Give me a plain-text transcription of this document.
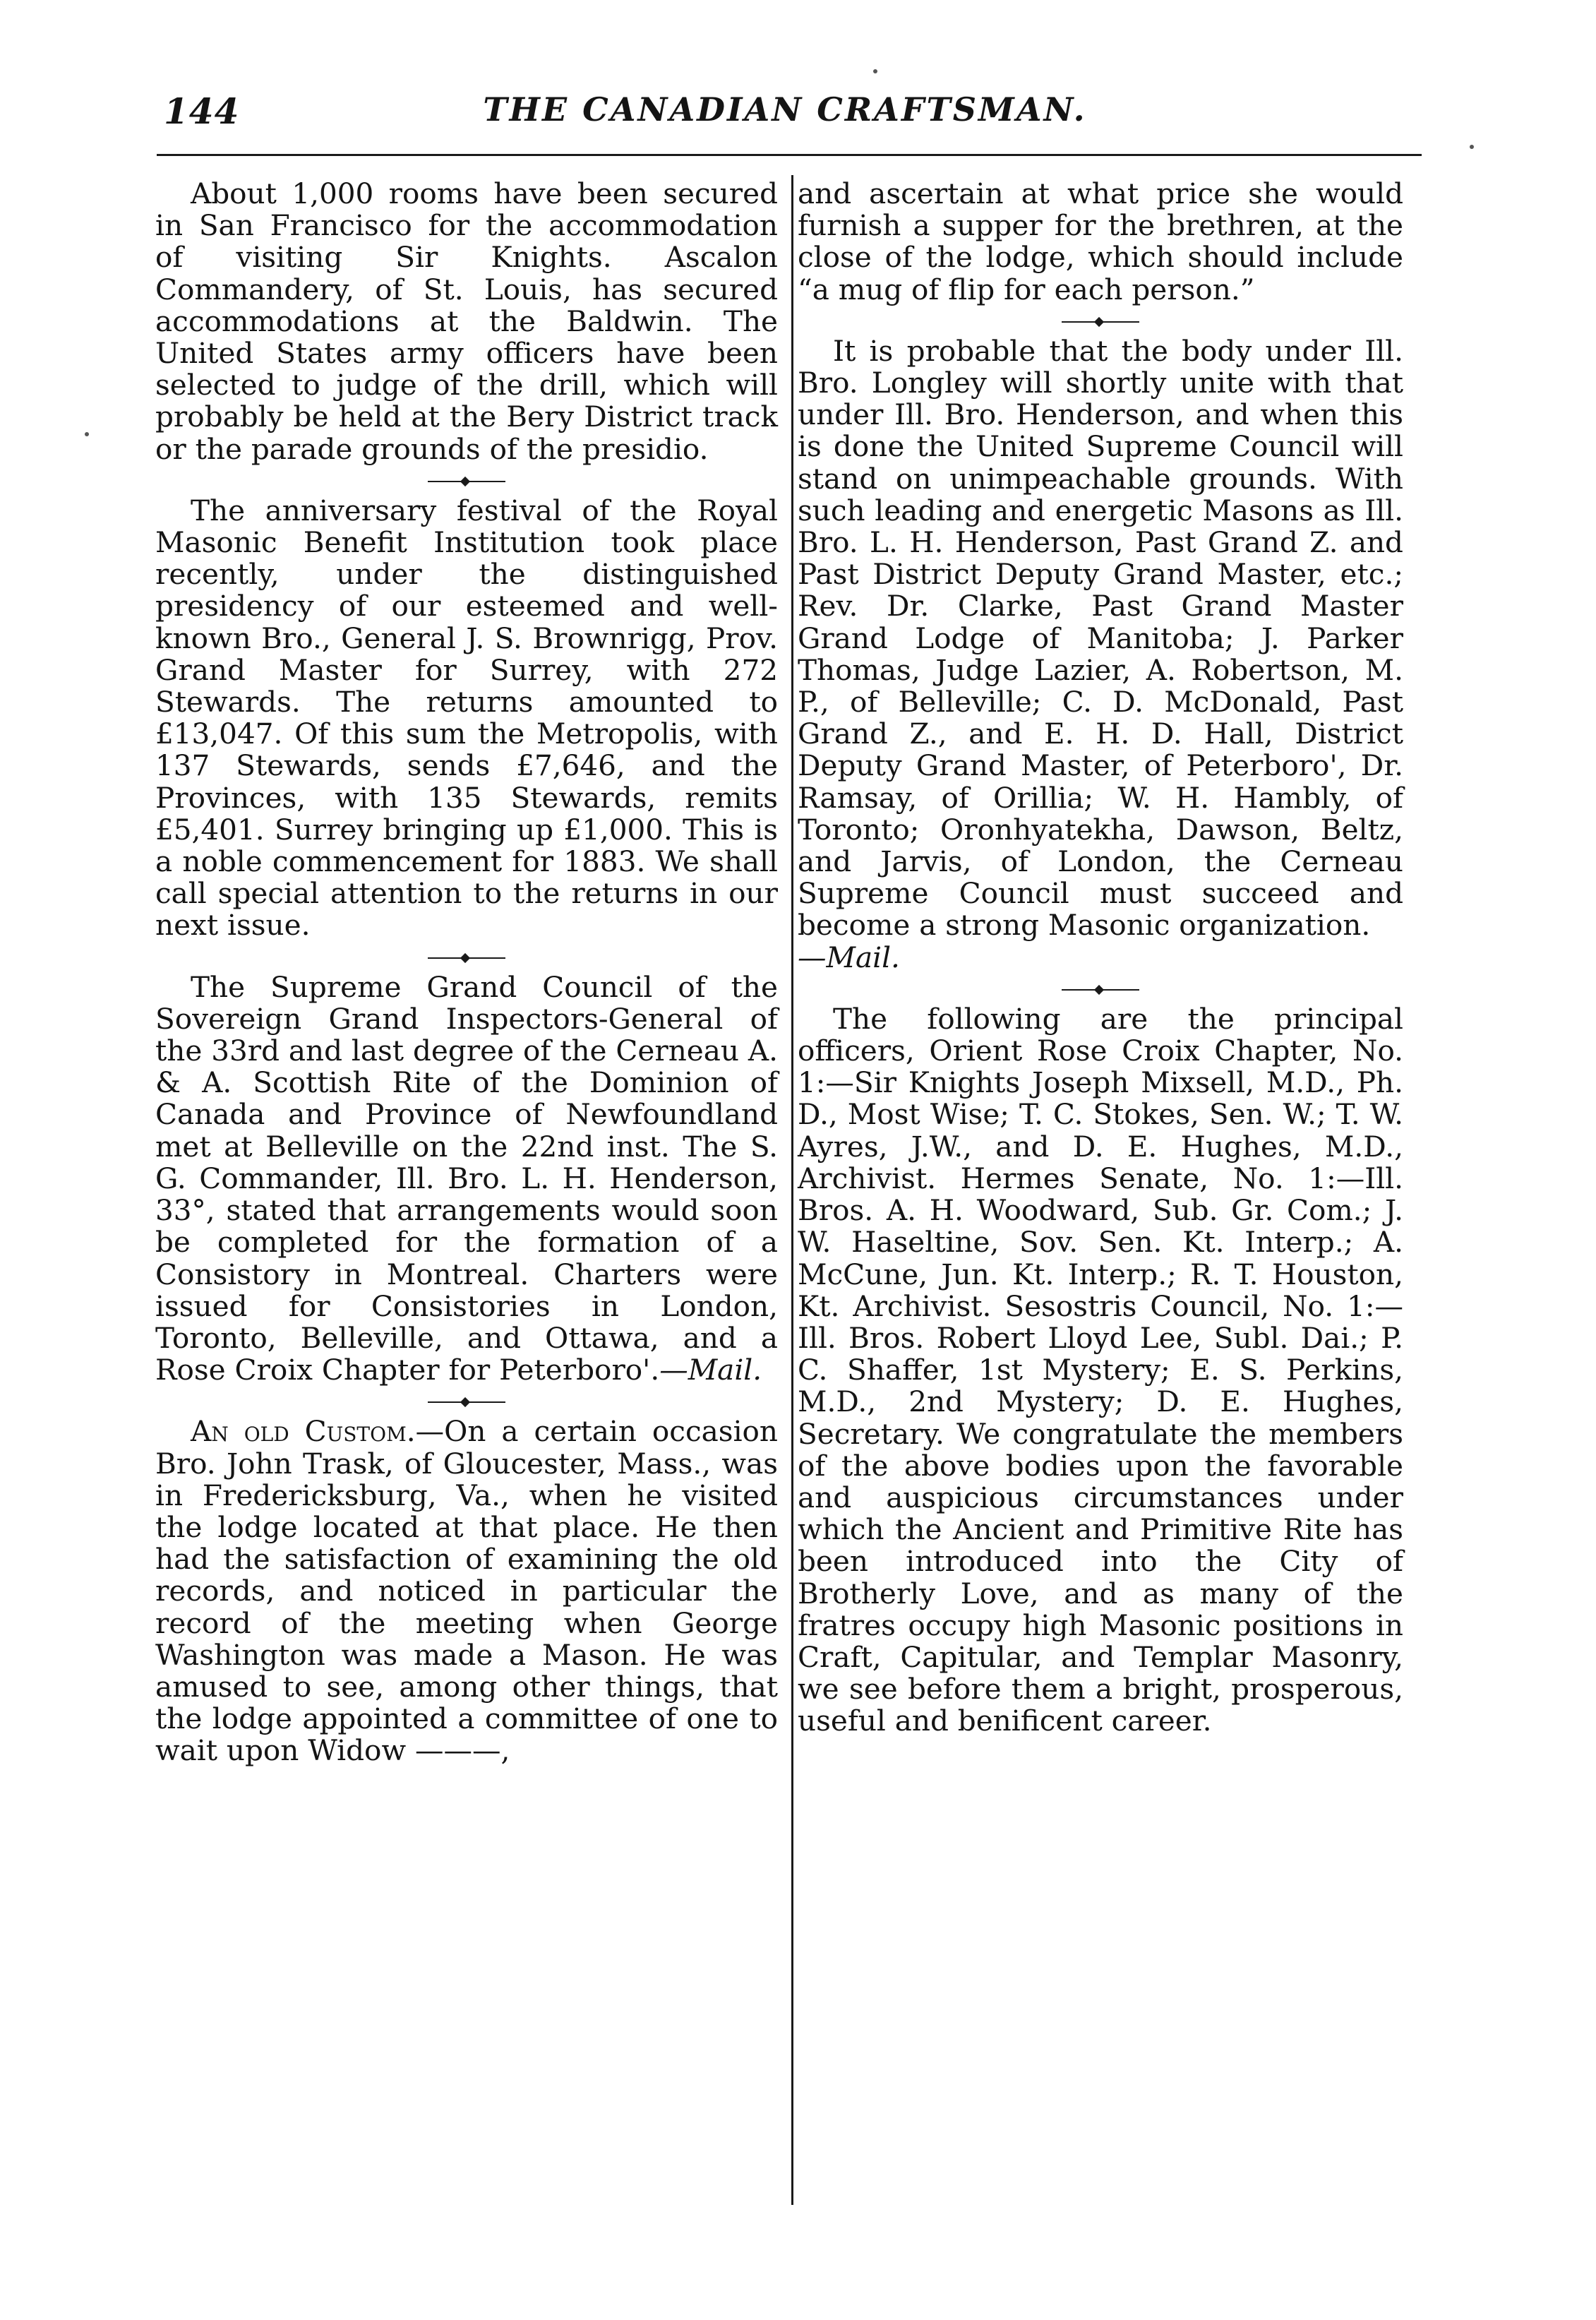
144	THE CANADIAN CRAFTSMAN.

About 1,000 rooms have been secured in San Francisco for the accommodation of visiting Sir Knights. Ascalon Commandery, of St. Louis, has secured accommodations at the Baldwin. The United States army officers have been selected to judge of the drill, which will probably be held at the Bery District track or the parade grounds of the presidio.

The anniversary festival of the Royal Masonic Benefit Institution took place recently, under the distinguished presidency of our esteemed and well-known Bro., General J. S. Brownrigg, Prov. Grand Master for Surrey, with 272 Stewards. The returns amounted to £13,047. Of this sum the Metropolis, with 137 Stewards, sends £7,646, and the Provinces, with 135 Stewards, remits £5,401. Surrey bringing up £1,000. This is a noble commencement for 1883. We shall call special attention to the returns in our next issue.

The Supreme Grand Council of the Sovereign Grand Inspectors-General of the 33rd and last degree of the Cerneau A. & A. Scottish Rite of the Dominion of Canada and Province of Newfoundland met at Belleville on the 22nd inst. The S. G. Commander, Ill. Bro. L. H. Henderson, 33°, stated that arrangements would soon be completed for the formation of a Consistory in Montreal. Charters were issued for Consistories in London, Toronto, Belleville, and Ottawa, and a Rose Croix Chapter for Peterboro'.—Mail.

An old Custom.—On a certain occasion Bro. John Trask, of Gloucester, Mass., was in Fredericksburg, Va., when he visited the lodge located at that place. He then had the satisfaction of examining the old records, and noticed in particular the record of the meeting when George Washington was made a Mason. He was amused to see, among other things, that the lodge appointed a committee of one to wait upon Widow ———,

and ascertain at what price she would furnish a supper for the brethren, at the close of the lodge, which should include “a mug of flip for each person.”

It is probable that the body under Ill. Bro. Longley will shortly unite with that under Ill. Bro. Henderson, and when this is done the United Supreme Council will stand on unimpeachable grounds. With such leading and energetic Masons as Ill. Bro. L. H. Henderson, Past Grand Z. and Past District Deputy Grand Master, etc.; Rev. Dr. Clarke, Past Grand Master Grand Lodge of Manitoba; J. Parker Thomas, Judge Lazier, A. Robertson, M. P., of Belleville; C. D. McDonald, Past Grand Z., and E. H. D. Hall, District Deputy Grand Master, of Peterboro', Dr. Ramsay, of Orillia; W. H. Hambly, of Toronto; Oronhyatekha, Dawson, Beltz, and Jarvis, of London, the Cerneau Supreme Council must succeed and become a strong Masonic organization.
—Mail.

The following are the principal officers, Orient Rose Croix Chapter, No. 1:—Sir Knights Joseph Mixsell, M.D., Ph. D., Most Wise; T. C. Stokes, Sen. W.; T. W. Ayres, J.W., and D. E. Hughes, M.D., Archivist. Hermes Senate, No. 1:—Ill. Bros. A. H. Woodward, Sub. Gr. Com.; J. W. Haseltine, Sov. Sen. Kt. Interp.; A. McCune, Jun. Kt. Interp.; R. T. Houston, Kt. Archivist. Sesostris Council, No. 1:—Ill. Bros. Robert Lloyd Lee, Subl. Dai.; P. C. Shaffer, 1st Mystery; E. S. Perkins, M.D., 2nd Mystery; D. E. Hughes, Secretary. We congratulate the members of the above bodies upon the favorable and auspicious circumstances under which the Ancient and Primitive Rite has been introduced into the City of Brotherly Love, and as many of the fratres occupy high Masonic positions in Craft, Capitular, and Templar Masonry, we see before them a bright, prosperous, useful and benificent career.
